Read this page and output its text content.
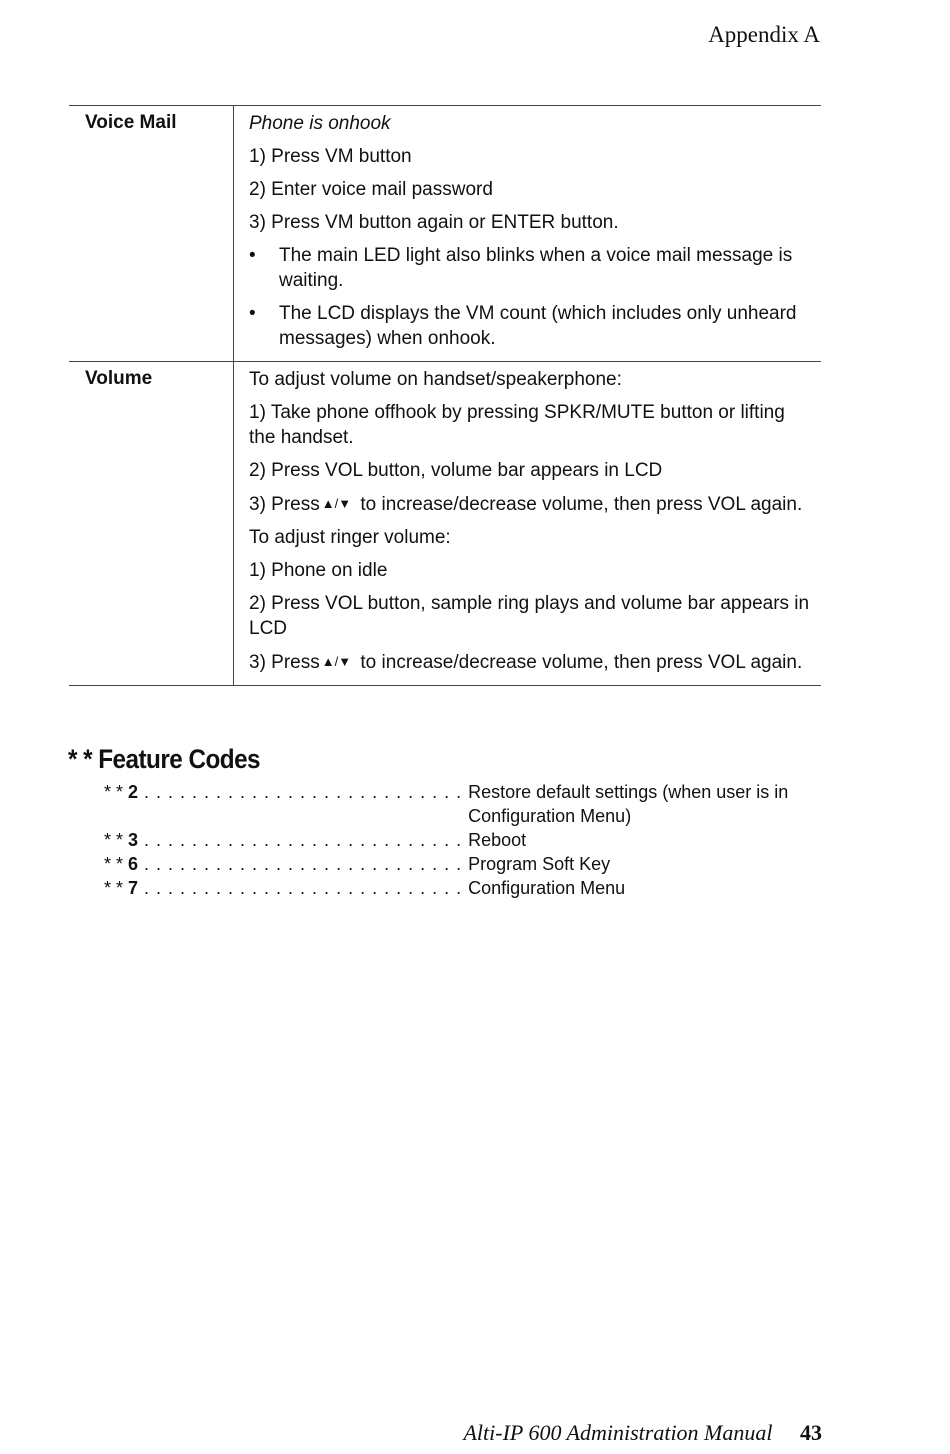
Appendix A
Voice Mail	Phone is onhook
1) Press VM button
2) Enter voice mail password
3) Press VM button again or ENTER button.
•	The main LED light also blinks when a voice mail message is waiting.
•	The LCD displays the VM count (which includes only unheard messages) when onhook.
Volume	To adjust volume on handset/speakerphone:
1) Take phone offhook by pressing SPKR/MUTE button or lifting the handset.
2) Press VOL button, volume bar appears in LCD
3) Press ▲/▼ to increase/decrease volume, then press VOL again.
To adjust ringer volume:
1) Phone on idle
2) Press VOL button, sample ring plays and volume bar appears in LCD
3) Press ▲/▼ to increase/decrease volume, then press VOL again.
* * Feature Codes
* * 2 . . . . . . . . . . . . . . . . . . . . . . . . . . . Restore default settings (when user is in Configuration Menu)
* * 3 . . . . . . . . . . . . . . . . . . . . . . . . . . . Reboot
* * 6 . . . . . . . . . . . . . . . . . . . . . . . . . . . Program Soft Key
* * 7 . . . . . . . . . . . . . . . . . . . . . . . . . . . Configuration Menu
Alti-IP 600 Administration Manual 43
